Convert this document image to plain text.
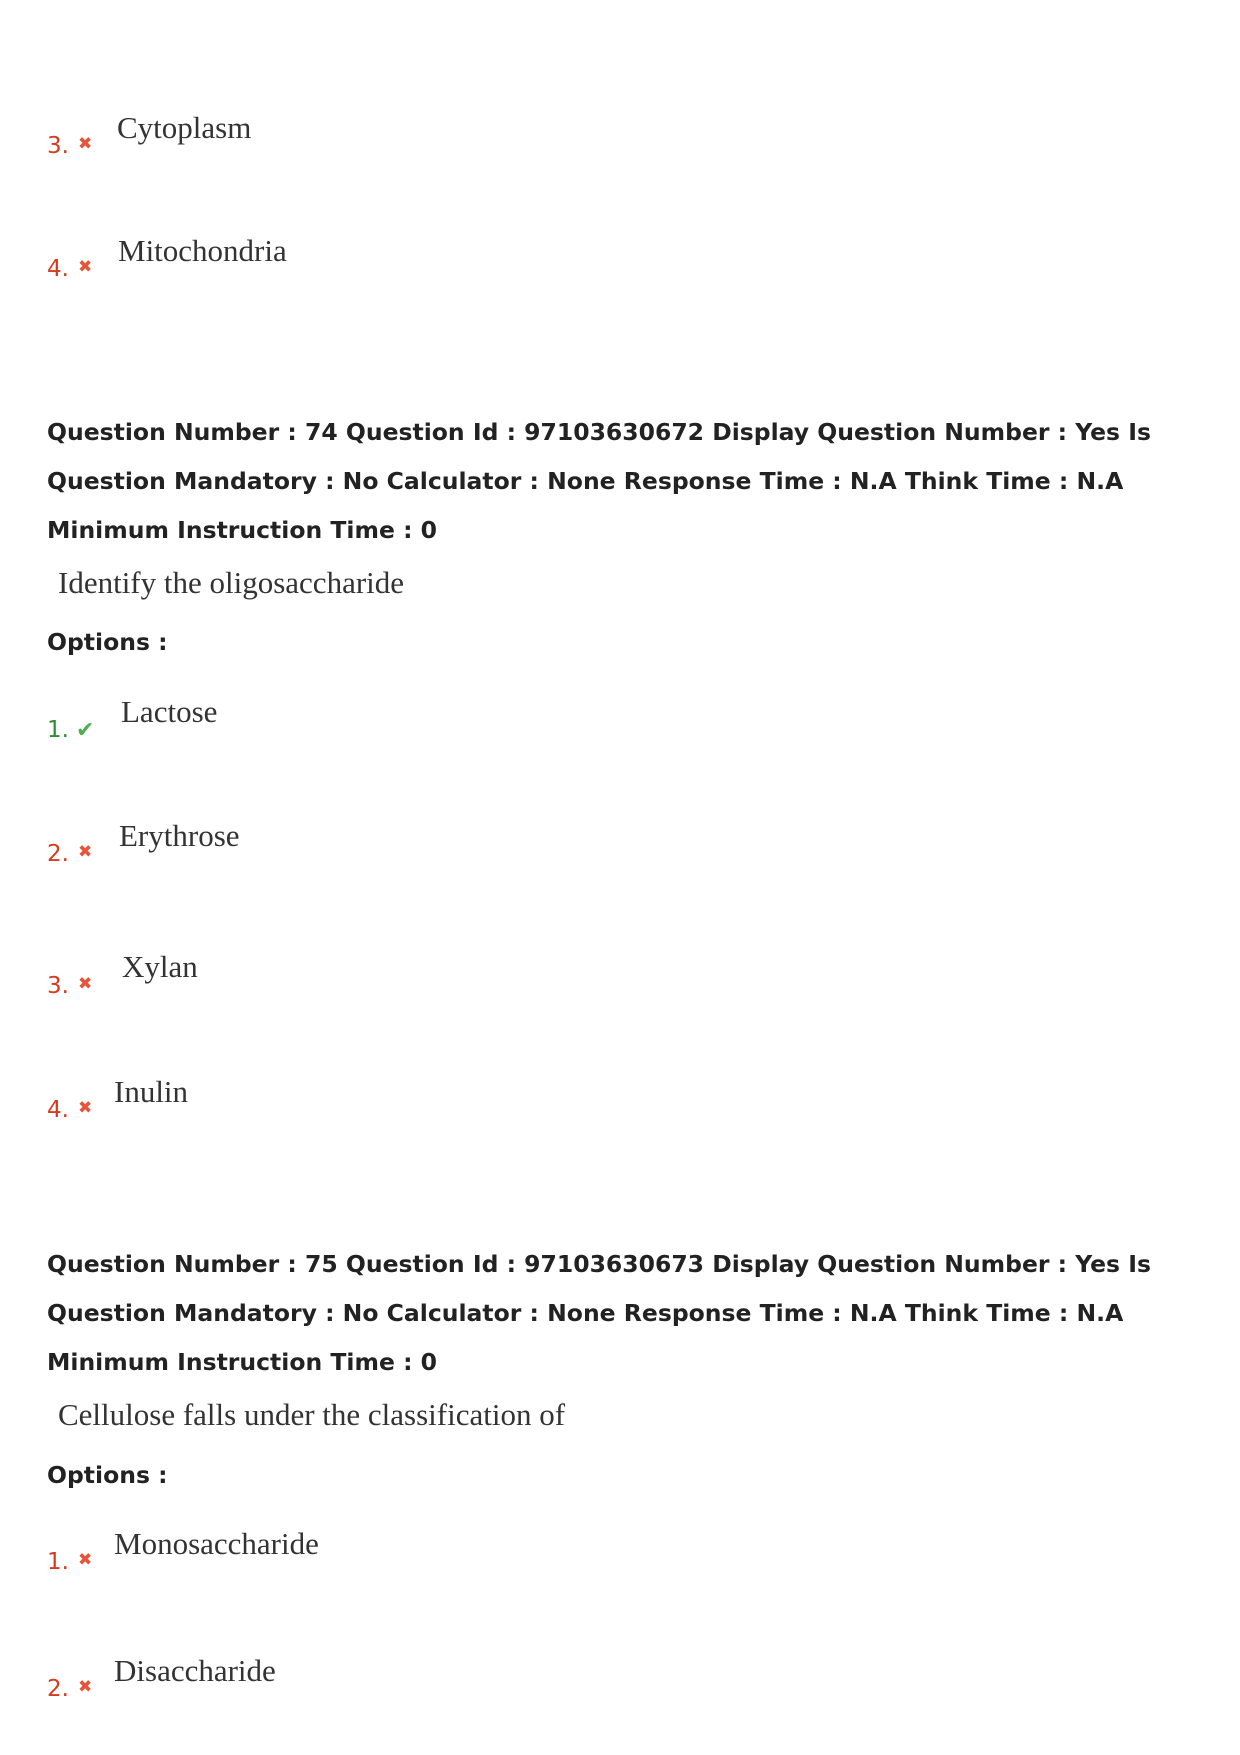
3. ✖ Cytoplasm
4. ✖ Mitochondria
Question Number : 74 Question Id : 97103630672 Display Question Number : Yes Is Question Mandatory : No Calculator : None Response Time : N.A Think Time : N.A Minimum Instruction Time : 0
Identify the oligosaccharide
Options :
1. ✔
Lactose
2. ✖ Erythrose
3. ✖ Xylan
4. ✖ Inulin
Question Number : 75 Question Id : 97103630673 Display Question Number : Yes Is Question Mandatory : No Calculator : None Response Time : N.A Think Time : N.A Minimum Instruction Time : 0
Cellulose falls under the classification of
Options :
1. ✖ Monosaccharide
2. ✖ Disaccharide
